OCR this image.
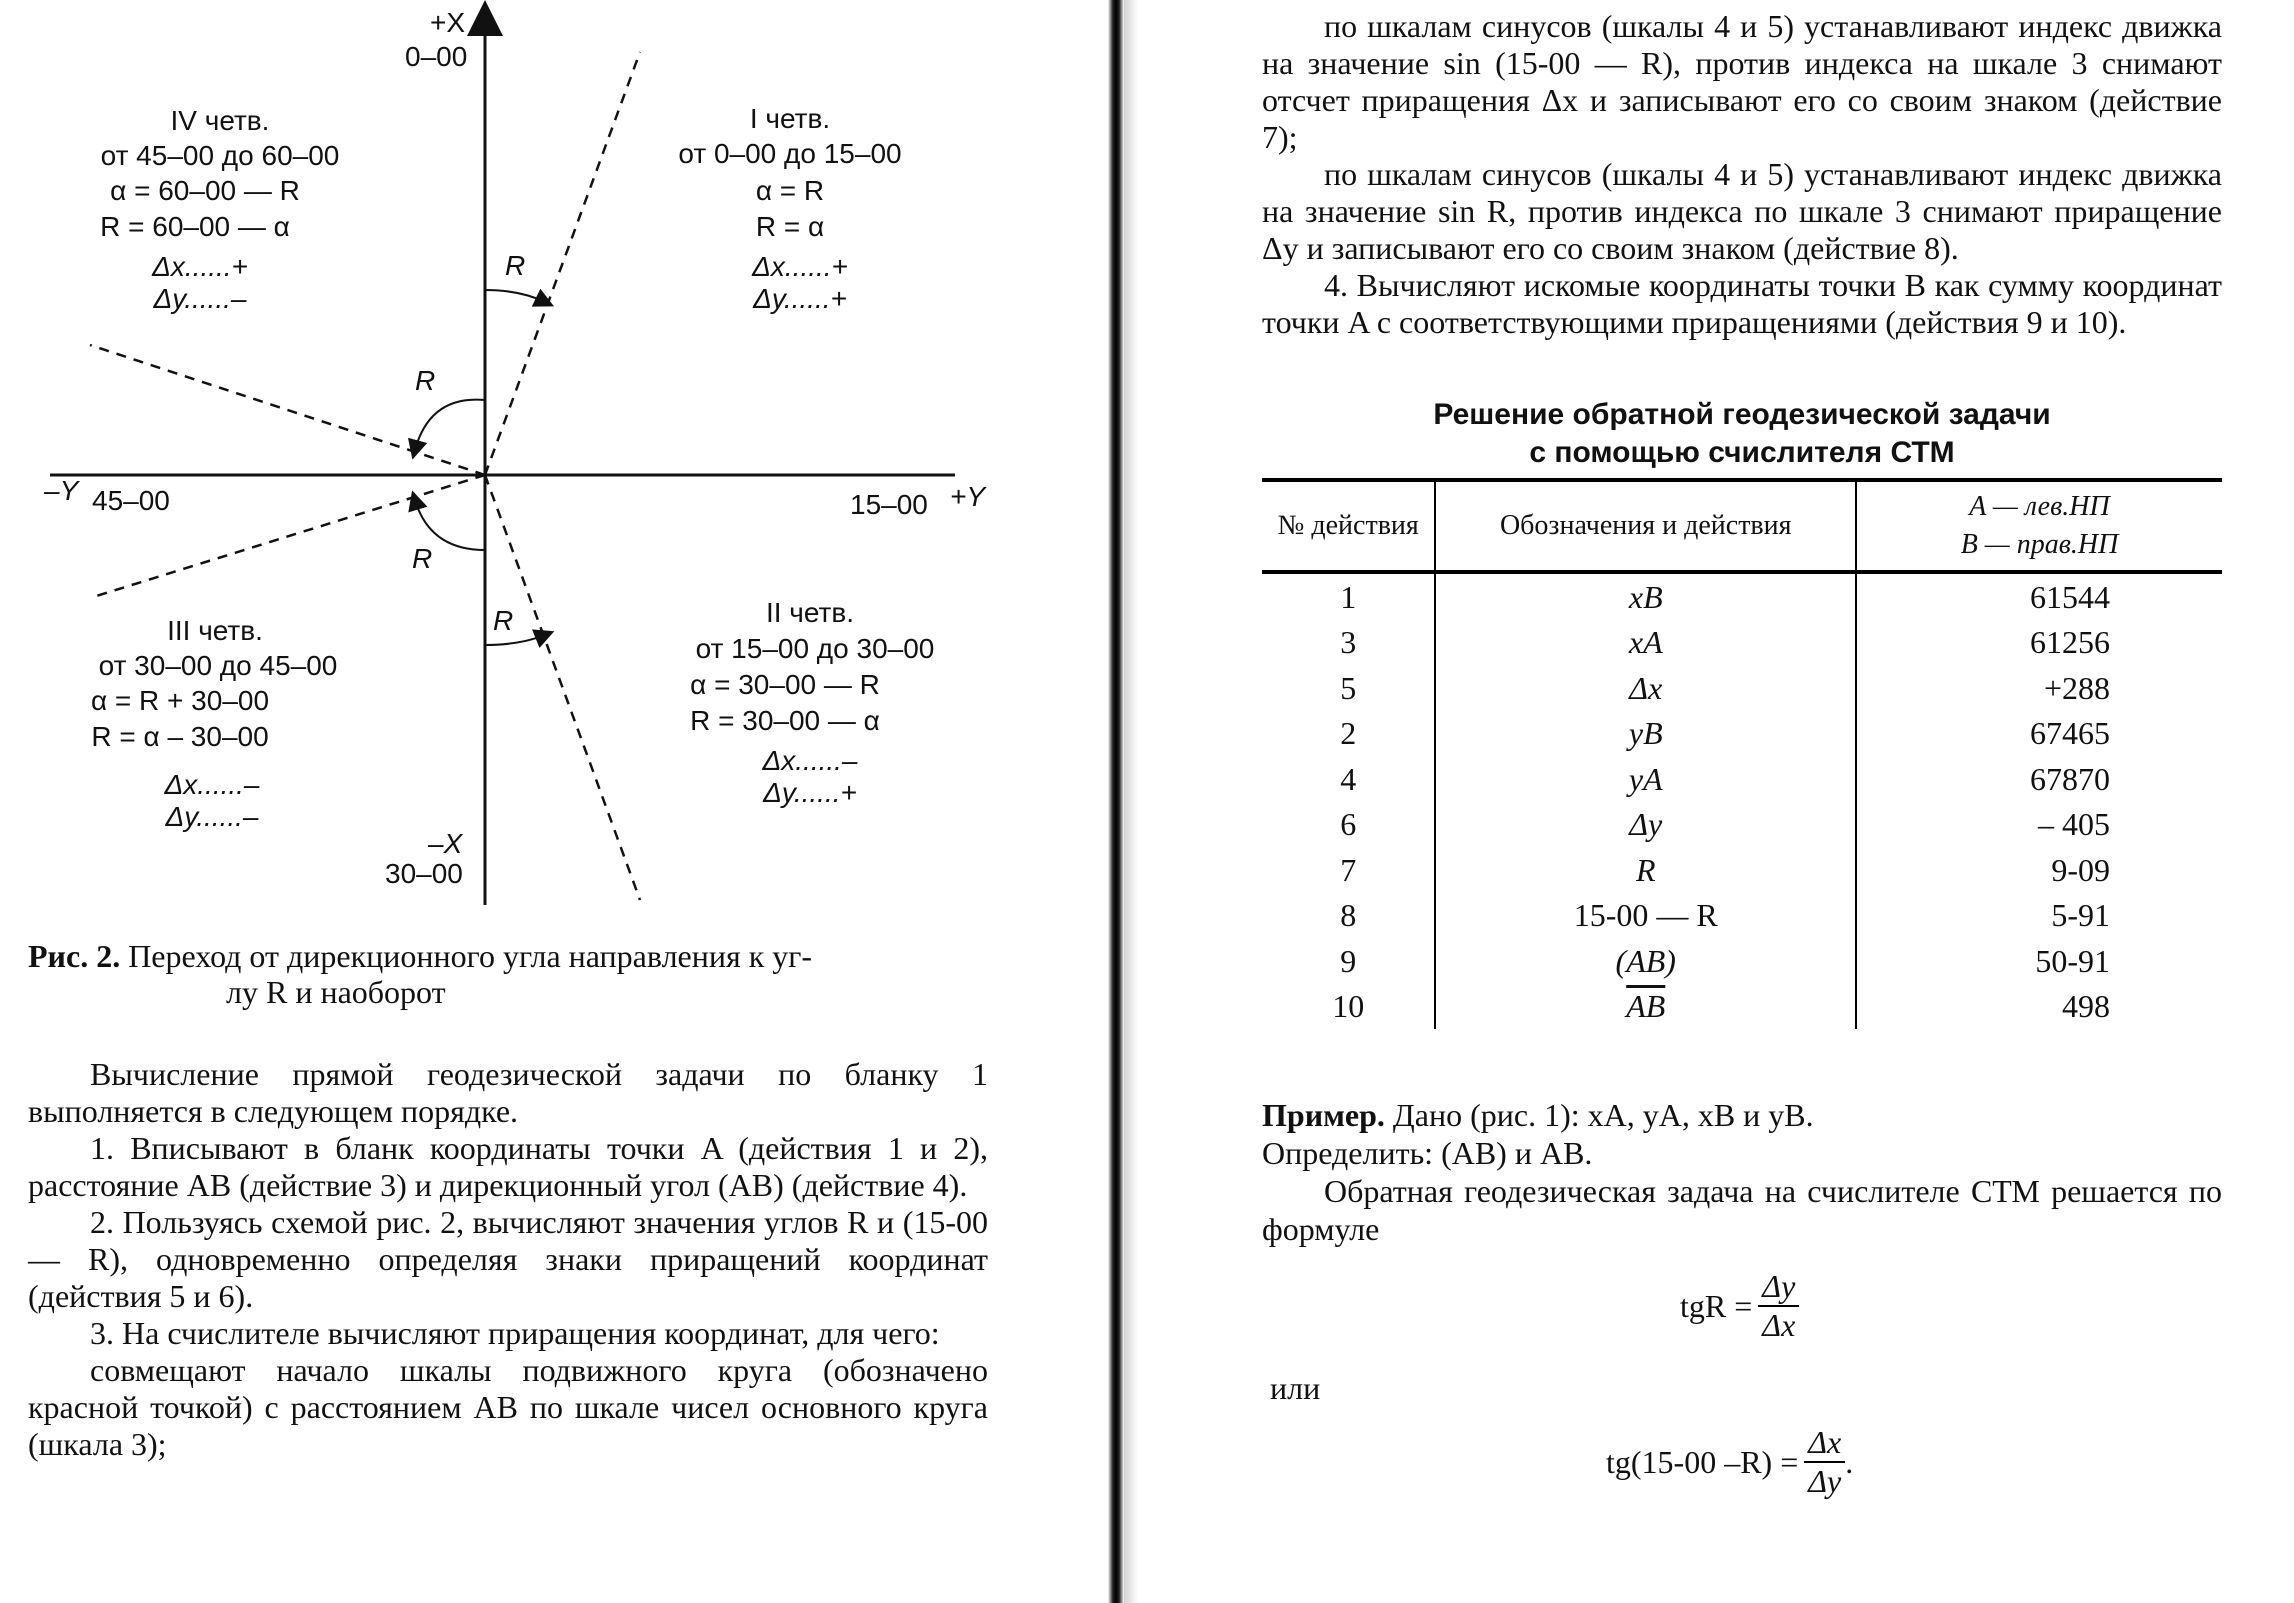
+X
0–00
–Y 45–00	15–00 +Y
–X
30–00
R
R
R
R
IV четв.
от 45–00 до 60–00
α = 60–00 — R
R = 60–00 — α
Δx......+
Δy......–
I четв.
от 0–00 до 15–00
α = R
R = α
Δx......+
Δy......+
III четв.
от 30–00 до 45–00
α = R + 30–00
R = α – 30–00
Δx......–
Δy......–
II четв.
от 15–00 до 30–00
α = 30–00 — R
R = 30–00 — α
Δx......–
Δy......+
Рис. 2. Переход от дирекционного угла направления к уг-
лу R и наоборот

Вычисление прямой геодезической задачи по бланку 1 выполняется в следующем порядке.

1. Вписывают в бланк координаты точки A (действия 1 и 2), расстояние AB (действие 3) и дирекционный угол (AB) (действие 4).

2. Пользуясь схемой рис. 2, вычисляют значения углов R и (15-00 — R), одновременно определяя знаки приращений координат (действия 5 и 6).

3. На счислителе вычисляют приращения координат, для чего:

совмещают начало шкалы подвижного круга (обозначено красной точкой) с расстоянием AB по шкале чисел основного круга (шкала 3);

по шкалам синусов (шкалы 4 и 5) устанавливают индекс движка на значение sin (15-00 — R), против индекса на шкале 3 снимают отсчет приращения Δx и записывают его со своим знаком (действие 7);

по шкалам синусов (шкалы 4 и 5) устанавливают индекс движка на значение sin R, против индекса по шкале 3 снимают приращение Δy и записывают его со своим знаком (действие 8).

4. Вычисляют искомые координаты точки B как сумму координат точки A с соответствующими приращениями (действия 9 и 10).

Решение обратной геодезической задачи
с помощью счислителя СТМ
№ действия	Обозначения и действия	A — лев.НП
B — прав.НП

1	xB	61544
3	xA	61256
5	Δx	+288
2	yB	67465
4	yA	67870
6	Δy	– 405
7	R	9-09
8	15-00 — R	5-91
9	(AB)	50-91
10	$\overline{AB}$	498

Пример. Дано (рис. 1): xA, yA, xB и yB.

Определить: (AB) и AB.

Обратная геодезическая задача на счислителе СТМ решается по формуле

tgR = $\frac{\Delta y}{\Delta x}$
или
tg(15-00 $-R) = \frac{\Delta x}{\Delta y}$ .
